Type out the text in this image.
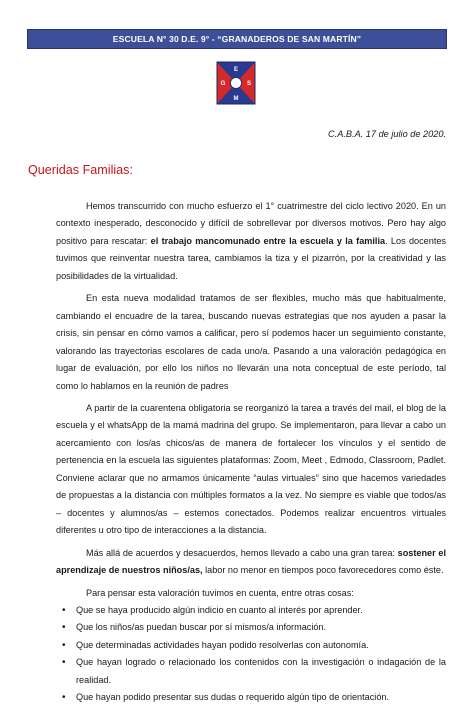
ESCUELA N° 30 D.E. 9° - “GRANADEROS DE SAN MARTÍN”
E
G	S
M
C.A.B.A. 17 de julio de 2020.
Queridas Familias:

Hemos transcurrido con mucho esfuerzo el 1° cuatrimestre del ciclo lectivo 2020. En un contexto inesperado, desconocido y difícil de sobrellevar por diversos motivos. Pero hay algo positivo para rescatar: el trabajo mancomunado entre la escuela y la familia. Los docentes tuvimos que reinventar nuestra tarea, cambiamos la tiza y el pizarrón, por la creatividad y las posibilidades de la virtualidad.

En esta nueva modalidad tratamos de ser flexibles, mucho más que habitualmente, cambiando el encuadre de la tarea, buscando nuevas estrategias que nos ayuden a pasar la crisis, sin pensar en cómo vamos a calificar, pero sí podemos hacer un seguimiento constante, valorando las trayectorias escolares de cada uno/a. Pasando a una valoración pedagógica en lugar de evaluación, por ello los niños no llevarán una nota conceptual de este período, tal como lo hablamos en la reunión de padres

A partir de la cuarentena obligatoria se reorganizó la tarea a través del mail, el blog de la escuela y el whatsApp de la mamá madrina del grupo. Se implementaron, para llevar a cabo un acercamiento con los/as chicos/as de manera de fortalecer los vínculos y el sentido de pertenencia en la escuela las siguientes plataformas: Zoom, Meet , Edmodo, Classroom, Padlet. Conviene aclarar que no armamos únicamente “aulas virtuales” sino que hacemos variedades de propuestas a la distancia con múltiples formatos a la vez. No siempre es viable que todos/as – docentes y alumnos/as – estemos conectados. Podemos realizar encuentros virtuales diferentes u otro tipo de interacciones a la distancia.

Más allá de acuerdos y desacuerdos, hemos llevado a cabo una gran tarea: sostener el aprendizaje de nuestros niños/as, labor no menor en tiempos poco favorecedores como éste.

Para pensar esta valoración tuvimos en cuenta, entre otras cosas:

• Que se haya producido algún indicio en cuanto al interés por aprender.
• Que los niños/as puedan buscar por sí mismos/a información.
• Que determinadas actividades hayan podido resolverlas con autonomía.
• Que hayan logrado o relacionado los contenidos con la investigación o indagación de la realidad.
• Que hayan podido presentar sus dudas o requerido algún tipo de orientación.
